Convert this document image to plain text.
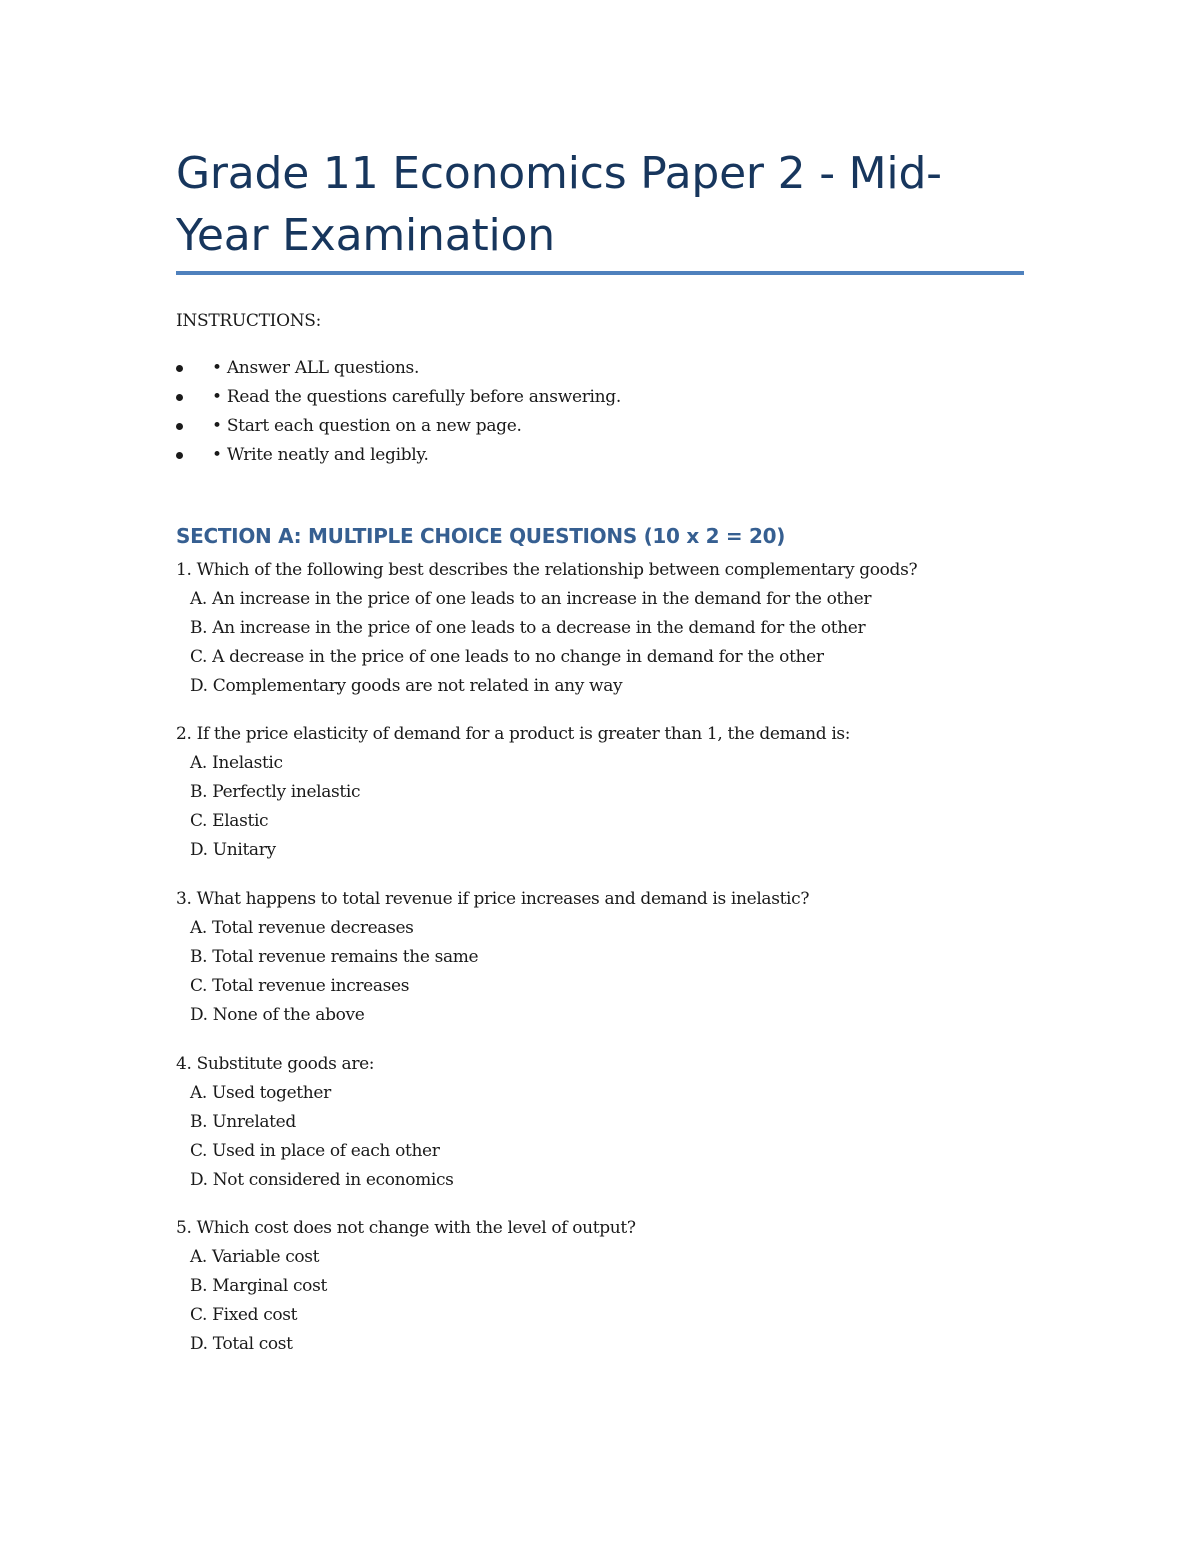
Grade 11 Economics Paper 2 - Mid-Year Examination
INSTRUCTIONS:
• Answer ALL questions.
• Read the questions carefully before answering.
• Start each question on a new page.
• Write neatly and legibly.
SECTION A: MULTIPLE CHOICE QUESTIONS (10 x 2 = 20)
1. Which of the following best describes the relationship between complementary goods?
A. An increase in the price of one leads to an increase in the demand for the other
B. An increase in the price of one leads to a decrease in the demand for the other
C. A decrease in the price of one leads to no change in demand for the other
D. Complementary goods are not related in any way
2. If the price elasticity of demand for a product is greater than 1, the demand is:
A. Inelastic
B. Perfectly inelastic
C. Elastic
D. Unitary
3. What happens to total revenue if price increases and demand is inelastic?
A. Total revenue decreases
B. Total revenue remains the same
C. Total revenue increases
D. None of the above
4. Substitute goods are:
A. Used together
B. Unrelated
C. Used in place of each other
D. Not considered in economics
5. Which cost does not change with the level of output?
A. Variable cost
B. Marginal cost
C. Fixed cost
D. Total cost
